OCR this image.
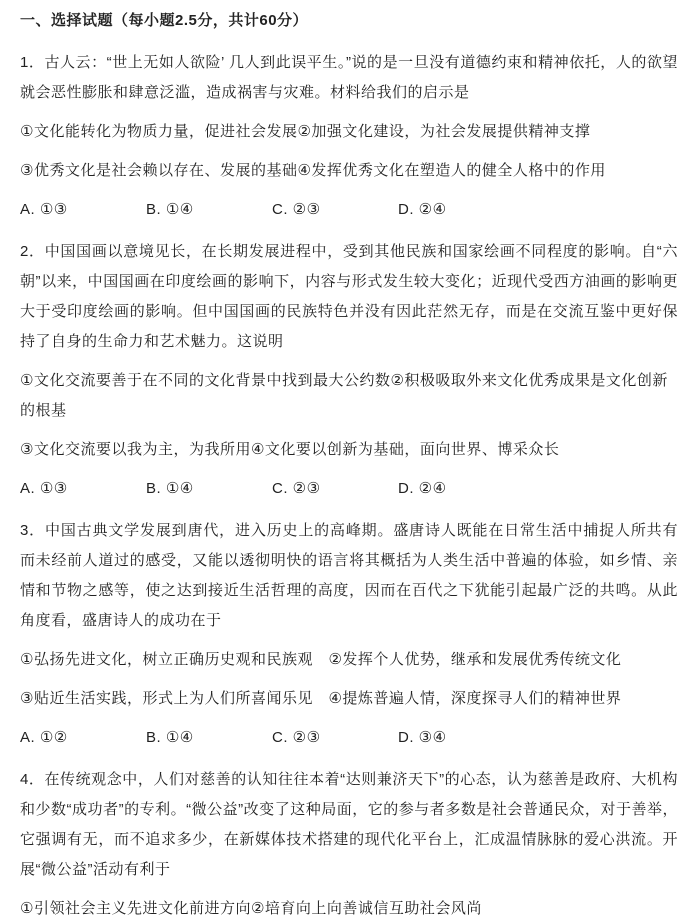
一、选择试题（每小题2.5分，共计60分）

1．古人云：“世上无如人欲险’ 几人到此误平生。”说的是一旦没有道德约束和精神依托，人的欲望就会恶性膨胀和肆意泛滥，造成祸害与灾难。材料给我们的启示是

①文化能转化为物质力量，促进社会发展②加强文化建设，为社会发展提供精神支撑

③优秀文化是社会赖以存在、发展的基础④发挥优秀文化在塑造人的健全人格中的作用

A. ①③	B. ①④	C. ②③	D. ②④

2．中国国画以意境见长，在长期发展进程中，受到其他民族和国家绘画不同程度的影响。自“六朝”以来，中国国画在印度绘画的影响下，内容与形式发生较大变化；近现代受西方油画的影响更大于受印度绘画的影响。但中国国画的民族特色并没有因此茫然无存，而是在交流互鉴中更好保持了自身的生命力和艺术魅力。这说明

①文化交流要善于在不同的文化背景中找到最大公约数②积极吸取外来文化优秀成果是文化创新的根基

③文化交流要以我为主，为我所用④文化要以创新为基础，面向世界、博采众长

A. ①③	B. ①④	C. ②③	D. ②④

3．中国古典文学发展到唐代，进入历史上的高峰期。盛唐诗人既能在日常生活中捕捉人所共有而未经前人道过的感受，又能以透彻明快的语言将其概括为人类生活中普遍的体验，如乡情、亲情和节物之感等，使之达到接近生活哲理的高度，因而在百代之下犹能引起最广泛的共鸣。从此角度看，盛唐诗人的成功在于

①弘扬先进文化，树立正确历史观和民族观　②发挥个人优势，继承和发展优秀传统文化

③贴近生活实践，形式上为人们所喜闻乐见　④提炼普遍人情，深度探寻人们的精神世界

A. ①②	B. ①④	C. ②③	D. ③④

4．在传统观念中，人们对慈善的认知往往本着“达则兼济天下”的心态，认为慈善是政府、大机构和少数“成功者”的专利。“微公益”改变了这种局面，它的参与者多数是社会普通民众，对于善举，它强调有无，而不追求多少，在新媒体技术搭建的现代化平台上，汇成温情脉脉的爱心洪流。开展“微公益”活动有利于

①引领社会主义先进文化前进方向②培育向上向善诚信互助社会风尚
